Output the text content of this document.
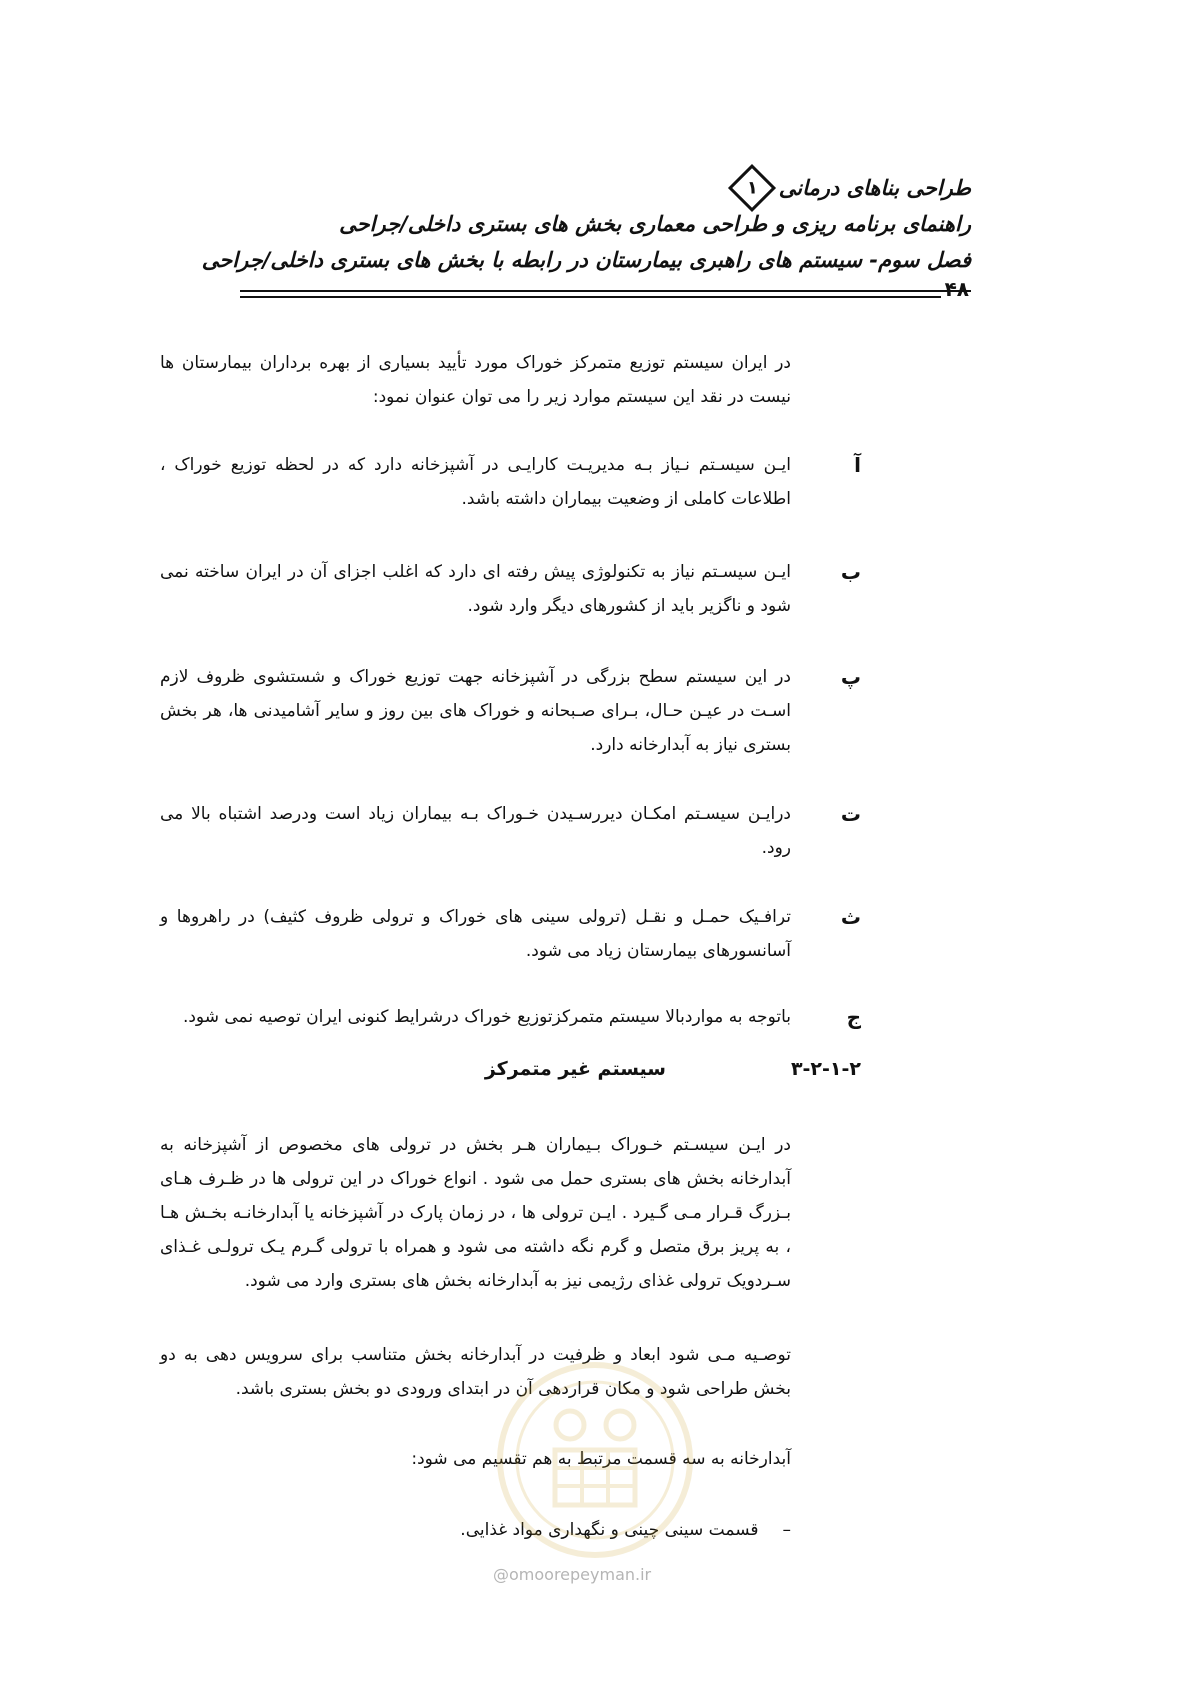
طراحی بناهای درمانی
۱
راهنمای برنامه ریزی و طراحی معماری بخش های بستری داخلی/جراحی
فصل سوم- سیستم های راهبری بیمارستان در رابطه با بخش های بستری داخلی/جراحی
۴۸
در ایران سیستم توزیع متمرکز خوراک مورد تأیید بسیاری از بهره برداران بیمارستان ها نیست در نقد این سیستم موارد زیر را می توان عنوان نمود:
آ
ایـن سیسـتم نـیاز بـه مدیریـت کارایـی در آشپزخانه دارد که در لحظه توزیع خوراک ، اطلاعات کاملی از وضعیت بیماران داشته باشد.
ب
ایـن سیسـتم نیاز به تکنولوژی پیش رفته ای دارد که اغلب اجزای آن در ایران ساخته نمی شود و ناگزیر باید از کشورهای دیگر وارد شود.
پ
در این سیستم سطح بزرگی در آشپزخانه جهت توزیع خوراک و شستشوی ظروف لازم اسـت در عیـن حـال، بـرای صـبحانه و خوراک های بین روز و سایر آشامیدنی ها، هر بخش بستری نیاز به آبدارخانه دارد.
ت
درایـن سیسـتم امکـان دیررسـیدن خـوراک بـه بیماران زیاد است ودرصد اشتباه بالا می رود.
ث
ترافـیک حمـل و نقـل (ترولی سینی های خوراک و ترولی ظروف کثیف) در راهروها و آسانسورهای بیمارستان زیاد می شود.
ج
باتوجه به مواردبالا سیستم متمرکزتوزیع خوراک درشرایط کنونی ایران توصیه نمی شود.
۳-۲-۱-۲
سیستم غیر متمرکز
در ایـن سیسـتم خـوراک بـیماران هـر بخش در ترولی های مخصوص از آشپزخانه به آبدارخانه بخش های بستری حمل می شود . انواع خوراک در این ترولی ها در ظـرف هـای بـزرگ قـرار مـی گـیرد . ایـن ترولی ها ، در زمان پارک در آشپزخانه یا آبدارخانـه بخـش هـا ، به پریز برق متصل و گرم نگه داشته می شود و همراه با ترولی گـرم یـک ترولـی غـذای سـردویک ترولی غذای رژیمی نیز به آبدارخانه بخش های بستری وارد می شود.
توصـیه مـی شود ابعاد و ظرفیت در آبدارخانه بخش متناسب برای سرویس دهی به دو بخش طراحی شود و مکان قراردهی آن در ابتدای ورودی دو بخش بستری باشد.
آبدارخانه به سه قسمت مرتبط به هم تقسیم می شود:
–
قسمت سینی چینی و نگهداری مواد غذایی.
@omoorepeyman.ir
